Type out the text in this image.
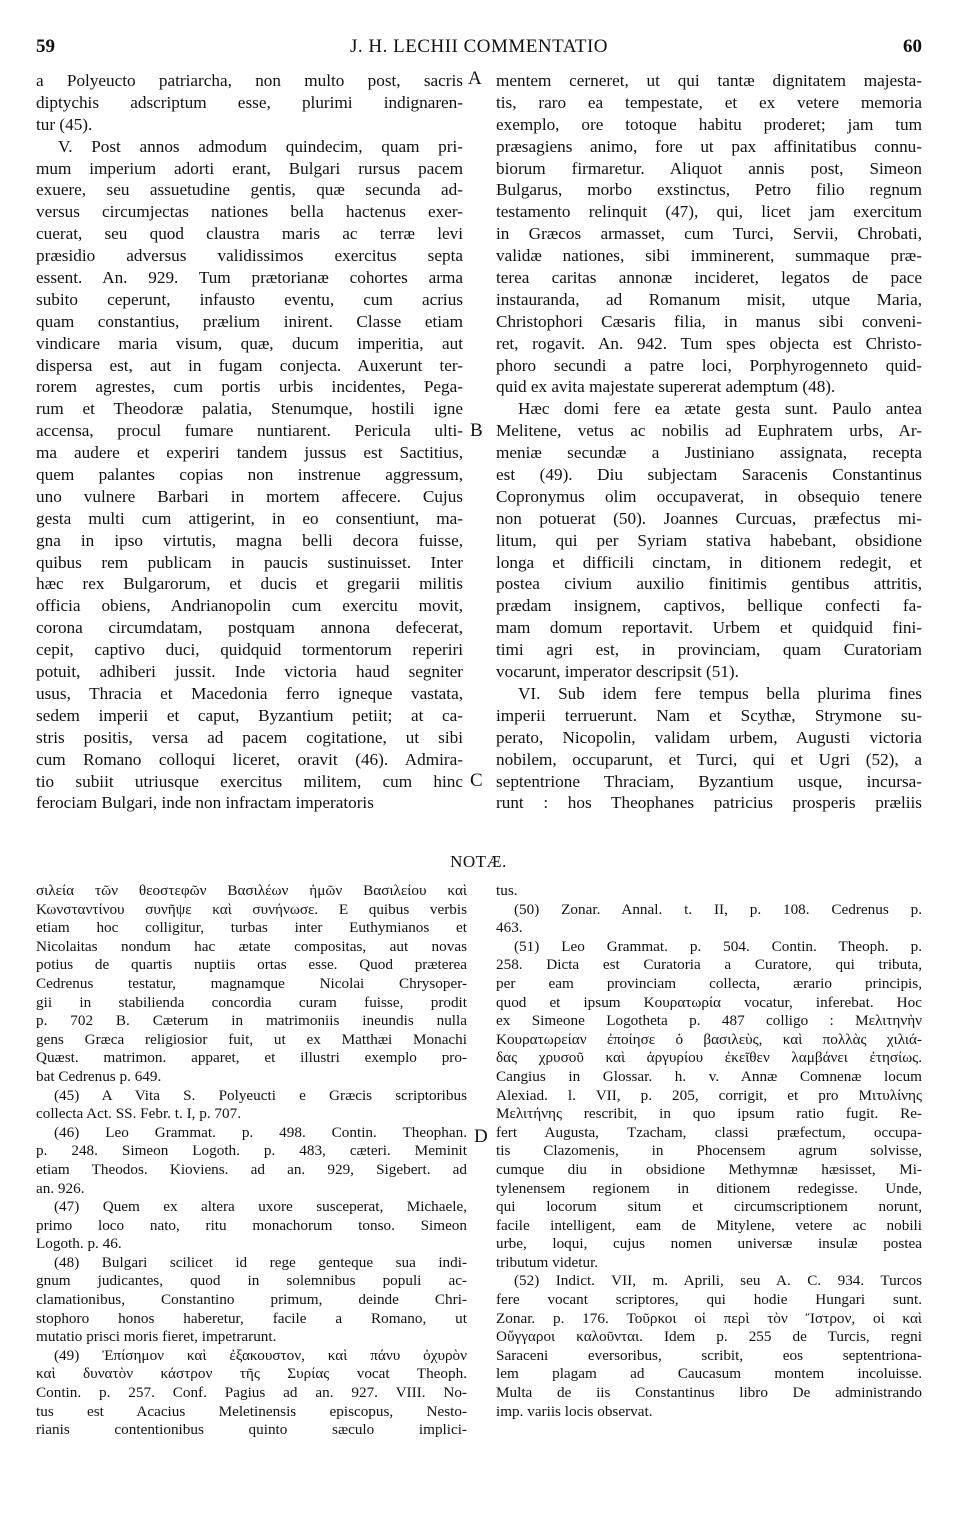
59	J. H. LECHII COMMENTATIO	60
A
B
C
D
a Polyeucto patriarcha, non multo post, sacris
diptychis adscriptum esse, plurimi indignaren-
tur (45).
V. Post annos admodum quindecim, quam pri-
mum imperium adorti erant, Bulgari rursus pacem
exuere, seu assuetudine gentis, quæ secunda ad-
versus circumjectas nationes bella hactenus exer-
cuerat, seu quod claustra maris ac terræ levi
præsidio adversus validissimos exercitus septa
essent. An. 929. Tum prætorianæ cohortes arma
subito ceperunt, infausto eventu, cum acrius
quam constantius, prælium inirent. Classe etiam
vindicare maria visum, quæ, ducum imperitia, aut
dispersa est, aut in fugam conjecta. Auxerunt ter-
rorem agrestes, cum portis urbis incidentes, Pega-
rum et Theodoræ palatia, Stenumque, hostili igne
accensa, procul fumare nuntiarent. Pericula ulti-
ma audere et experiri tandem jussus est Sactitius,
quem palantes copias non instrenue aggressum,
uno vulnere Barbari in mortem affecere. Cujus
gesta multi cum attigerint, in eo consentiunt, ma-
gna in ipso virtutis, magna belli decora fuisse,
quibus rem publicam in paucis sustinuisset. Inter
hæc rex Bulgarorum, et ducis et gregarii militis
officia obiens, Andrianopolin cum exercitu movit,
corona circumdatam, postquam annona defecerat,
cepit, captivo duci, quidquid tormentorum reperiri
potuit, adhiberi jussit. Inde victoria haud segniter
usus, Thracia et Macedonia ferro igneque vastata,
sedem imperii et caput, Byzantium petiit; at ca-
stris positis, versa ad pacem cogitatione, ut sibi
cum Romano colloqui liceret, oravit (46). Admira-
tio subiit utriusque exercitus militem, cum hinc
ferociam Bulgari, inde non infractam imperatoris
mentem cerneret, ut qui tantæ dignitatem majesta-
tis, raro ea tempestate, et ex vetere memoria
exemplo, ore totoque habitu proderet; jam tum
præsagiens animo, fore ut pax affinitatibus connu-
biorum firmaretur. Aliquot annis post, Simeon
Bulgarus, morbo exstinctus, Petro filio regnum
testamento relinquit (47), qui, licet jam exercitum
in Græcos armasset, cum Turci, Servii, Chrobati,
validæ nationes, sibi imminerent, summaque præ-
terea caritas annonæ incideret, legatos de pace
instauranda, ad Romanum misit, utque Maria,
Christophori Cæsaris filia, in manus sibi conveni-
ret, rogavit. An. 942. Tum spes objecta est Christo-
phoro secundi a patre loci, Porphyrogenneto quid-
quid ex avita majestate supererat ademptum (48).
Hæc domi fere ea ætate gesta sunt. Paulo antea
Melitene, vetus ac nobilis ad Euphratem urbs, Ar-
meniæ secundæ a Justiniano assignata, recepta
est (49). Diu subjectam Saracenis Constantinus
Copronymus olim occupaverat, in obsequio tenere
non potuerat (50). Joannes Curcuas, præfectus mi-
litum, qui per Syriam stativa habebant, obsidione
longa et difficili cinctam, in ditionem redegit, et
postea civium auxilio finitimis gentibus attritis,
prædam insignem, captivos, bellique confecti fa-
mam domum reportavit. Urbem et quidquid fini-
timi agri est, in provinciam, quam Curatoriam
vocarunt, imperator descripsit (51).
VI. Sub idem fere tempus bella plurima fines
imperii terruerunt. Nam et Scythæ, Strymone su-
perato, Nicopolin, validam urbem, Augusti victoria
nobilem, occuparunt, et Turci, qui et Ugri (52), a
septentrione Thraciam, Byzantium usque, incursa-
runt : hos Theophanes patricius prosperis præliis
NOTÆ.
σιλεία τῶν θεοστεφῶν Βασιλέων ἡμῶν Βασιλείου καὶ
Κωνσταντίνου συνῆψε καὶ συνήνωσε. E quibus verbis
etiam hoc colligitur, turbas inter Euthymianos et
Nicolaitas nondum hac ætate compositas, aut novas
potius de quartis nuptiis ortas esse. Quod præterea
Cedrenus testatur, magnamque Nicolai Chrysoper-
gii in stabilienda concordia curam fuisse, prodit
p. 702 B. Cæterum in matrimoniis ineundis nulla
gens Græca religiosior fuit, ut ex Matthæi Monachi
Quæst. matrimon. apparet, et illustri exemplo pro-
bat Cedrenus p. 649.
(45) A Vita S. Polyeucti e Græcis scriptoribus
collecta Act. SS. Febr. t. I, p. 707.
(46) Leo Grammat. p. 498. Contin. Theophan.
p. 248. Simeon Logoth. p. 483, cæteri. Meminit
etiam Theodos. Kioviens. ad an. 929, Sigebert. ad
an. 926.
(47) Quem ex altera uxore susceperat, Michaele,
primo loco nato, ritu monachorum tonso. Simeon
Logoth. p. 46.
(48) Bulgari scilicet id rege genteque sua indi-
gnum judicantes, quod in solemnibus populi ac-
clamationibus, Constantino primum, deinde Chri-
stophoro honos haberetur, facile a Romano, ut
mutatio prisci moris fieret, impetrarunt.
(49) Ἐπίσημον καὶ ἐξακουστον, καὶ πάνυ ὀχυρὸν
καὶ δυνατὸν κάστρον τῆς Συρίας vocat Theoph.
Contin. p. 257. Conf. Pagius ad an. 927. VIII. No-
tus est Acacius Meletinensis episcopus, Nesto-
rianis contentionibus quinto sæculo implici-
tus.
(50) Zonar. Annal. t. II, p. 108. Cedrenus p.
463.
(51) Leo Grammat. p. 504. Contin. Theoph. p.
258. Dicta est Curatoria a Curatore, qui tributa,
per eam provinciam collecta, ærario principis,
quod et ipsum Κουρατωρία vocatur, inferebat. Hoc
ex Simeone Logotheta p. 487 colligo : Μελιτηνὴν
Κουρατωρείαν ἐποίησε ὁ βασιλεὺς, καὶ πολλὰς χιλιά-
δας χρυσοῦ καὶ ἀργυρίου ἐκεῖθεν λαμβάνει ἐτησίως.
Cangius in Glossar. h. v. Annæ Comnenæ locum
Alexiad. l. VII, p. 205, corrigit, et pro Μιτυλίνης
Μελιτήνης rescribit, in quo ipsum ratio fugit. Re-
fert Augusta, Tzacham, classi præfectum, occupa-
tis Clazomenis, in Phocensem agrum solvisse,
cumque diu in obsidione Methymnæ hæsisset, Mi-
tylenensem regionem in ditionem redegisse. Unde,
qui locorum situm et circumscriptionem norunt,
facile intelligent, eam de Mitylene, vetere ac nobili
urbe, loqui, cujus nomen universæ insulæ postea
tributum videtur.
(52) Indict. VII, m. Aprili, seu A. C. 934. Turcos
fere vocant scriptores, qui hodie Hungari sunt.
Zonar. p. 176. Τοῦρκοι οἱ περὶ τὸν Ἴστρον, οἱ καὶ
Οὔγγαροι καλοῦνται. Idem p. 255 de Turcis, regni
Saraceni eversoribus, scribit, eos septentriona-
lem plagam ad Caucasum montem incoluisse.
Multa de iis Constantinus libro De administrando
imp. variis locis observat.
